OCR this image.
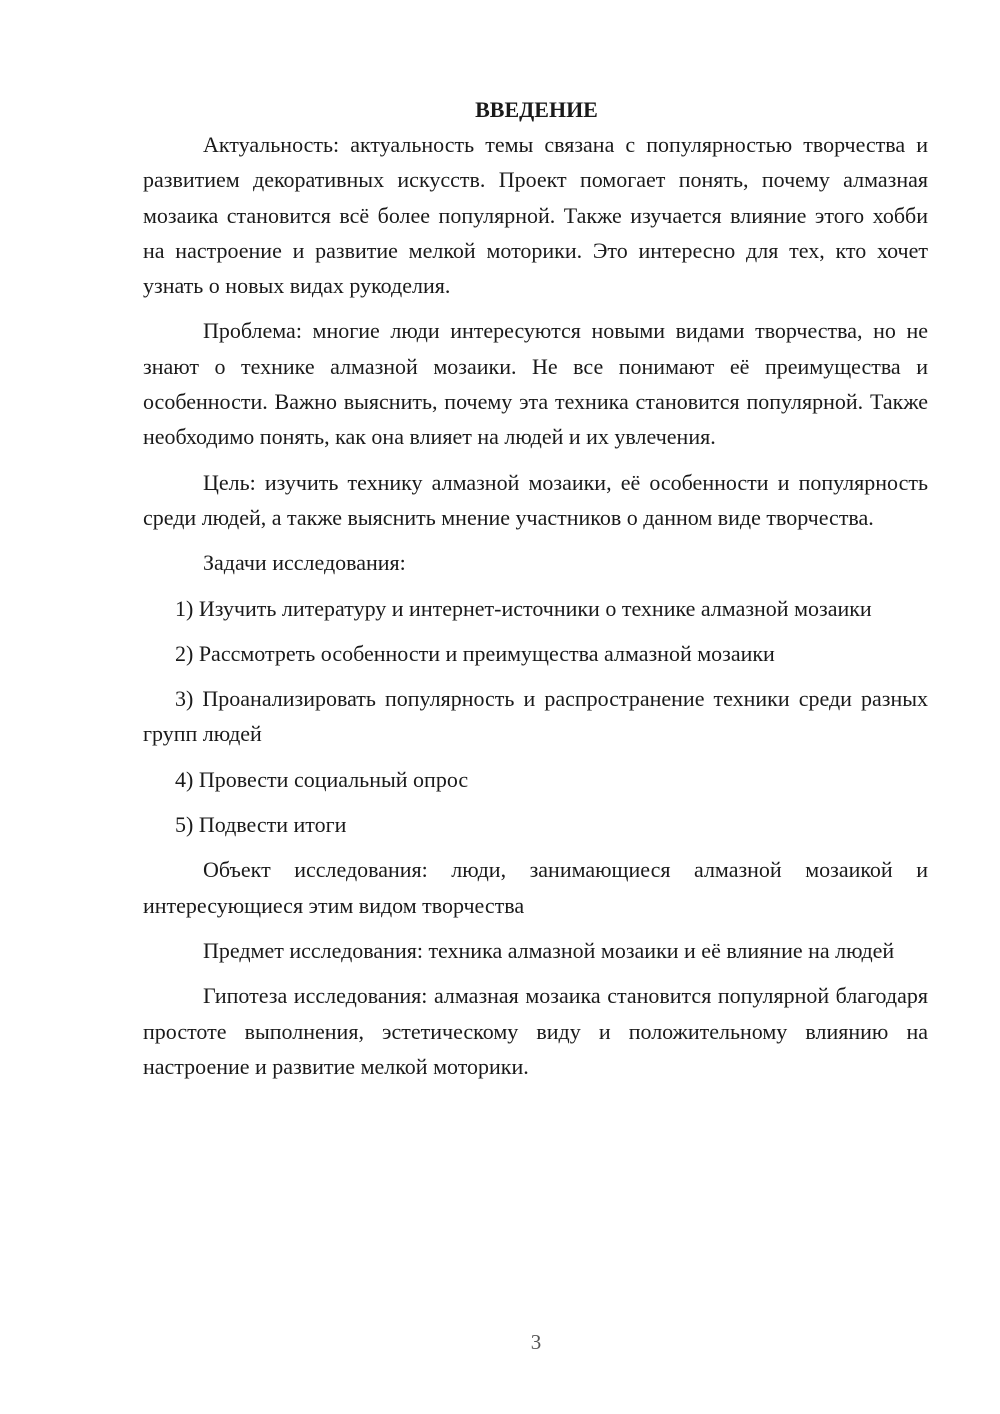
ВВЕДЕНИЕ

Актуальность: актуальность темы связана с популярностью творчества и развитием декоративных искусств. Проект помогает понять, почему алмазная мозаика становится всё более популярной. Также изучается влияние этого хобби на настроение и развитие мелкой моторики. Это интересно для тех, кто хочет узнать о новых видах рукоделия.

Проблема: многие люди интересуются новыми видами творчества, но не знают о технике алмазной мозаики. Не все понимают её преимущества и особенности. Важно выяснить, почему эта техника становится популярной. Также необходимо понять, как она влияет на людей и их увлечения.

Цель: изучить технику алмазной мозаики, её особенности и популярность среди людей, а также выяснить мнение участников о данном виде творчества.

Задачи исследования:

1) Изучить литературу и интернет-источники о технике алмазной мозаики

2) Рассмотреть особенности и преимущества алмазной мозаики

3) Проанализировать популярность и распространение техники среди разных групп людей

4) Провести социальный опрос

5) Подвести итоги

Объект исследования: люди, занимающиеся алмазной мозаикой и интересующиеся этим видом творчества

Предмет исследования: техника алмазной мозаики и её влияние на людей

Гипотеза исследования: алмазная мозаика становится популярной благодаря простоте выполнения, эстетическому виду и положительному влиянию на настроение и развитие мелкой моторики.

3
